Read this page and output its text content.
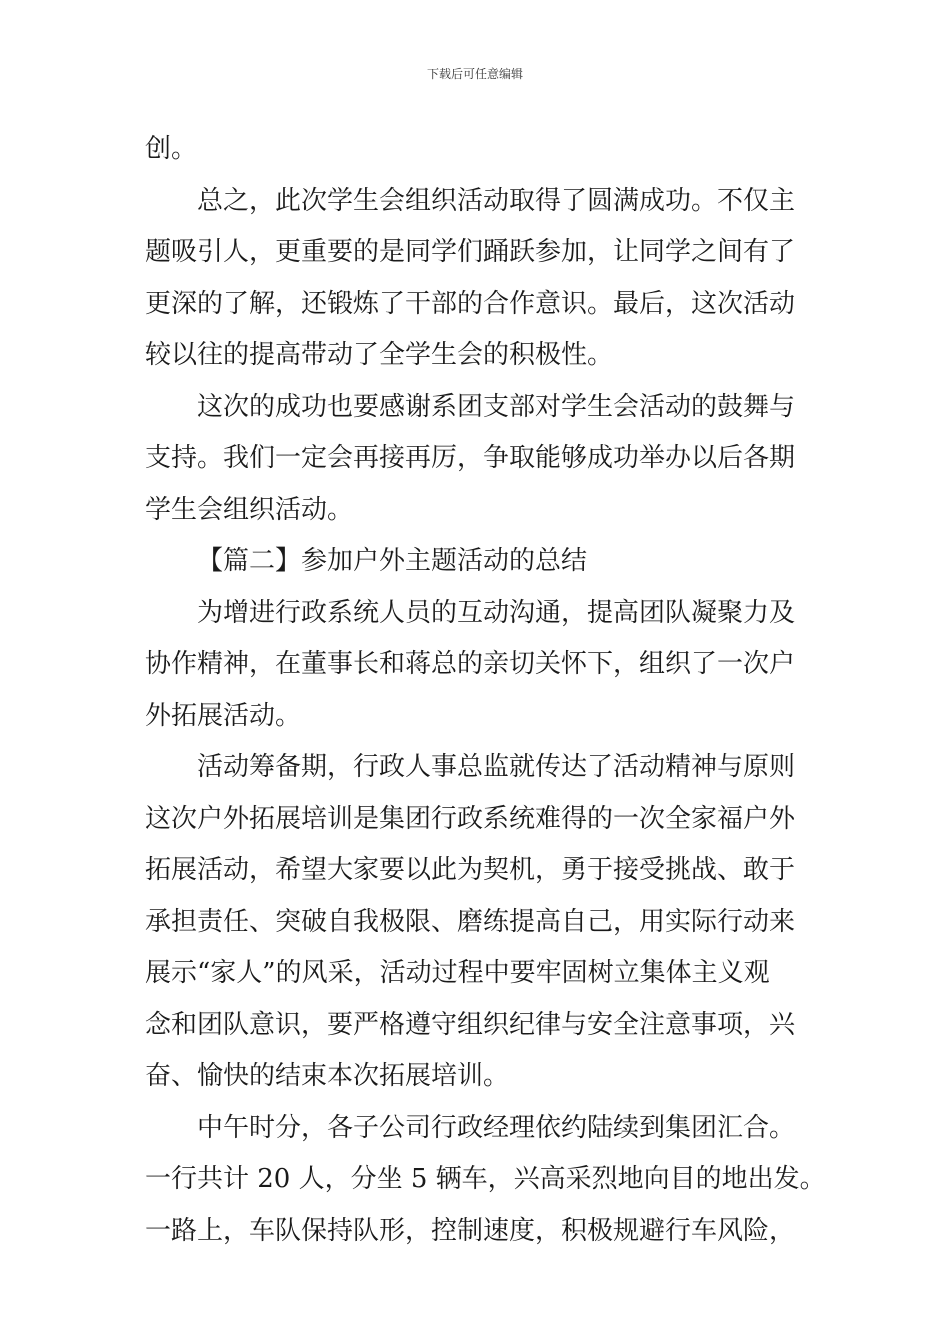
下载后可任意编辑
创。
总之，此次学生会组织活动取得了圆满成功。不仅主
题吸引人，更重要的是同学们踊跃参加，让同学之间有了
更深的了解，还锻炼了干部的合作意识。最后，这次活动
较以往的提高带动了全学生会的积极性。
这次的成功也要感谢系团支部对学生会活动的鼓舞与
支持。我们一定会再接再厉，争取能够成功举办以后各期
学生会组织活动。
【篇二】参加户外主题活动的总结
为增进行政系统人员的互动沟通，提高团队凝聚力及
协作精神，在董事长和蒋总的亲切关怀下，组织了一次户
外拓展活动。
活动筹备期，行政人事总监就传达了活动精神与原则
这次户外拓展培训是集团行政系统难得的一次全家福户外
拓展活动，希望大家要以此为契机，勇于接受挑战、敢于
承担责任、突破自我极限、磨练提高自己，用实际行动来
展示“家人”的风采，活动过程中要牢固树立集体主义观
念和团队意识，要严格遵守组织纪律与安全注意事项，兴
奋、愉快的结束本次拓展培训。
中午时分，各子公司行政经理依约陆续到集团汇合。
一行共计 20 人，分坐 5 辆车，兴高采烈地向目的地出发。
一路上，车队保持队形，控制速度，积极规避行车风险，
